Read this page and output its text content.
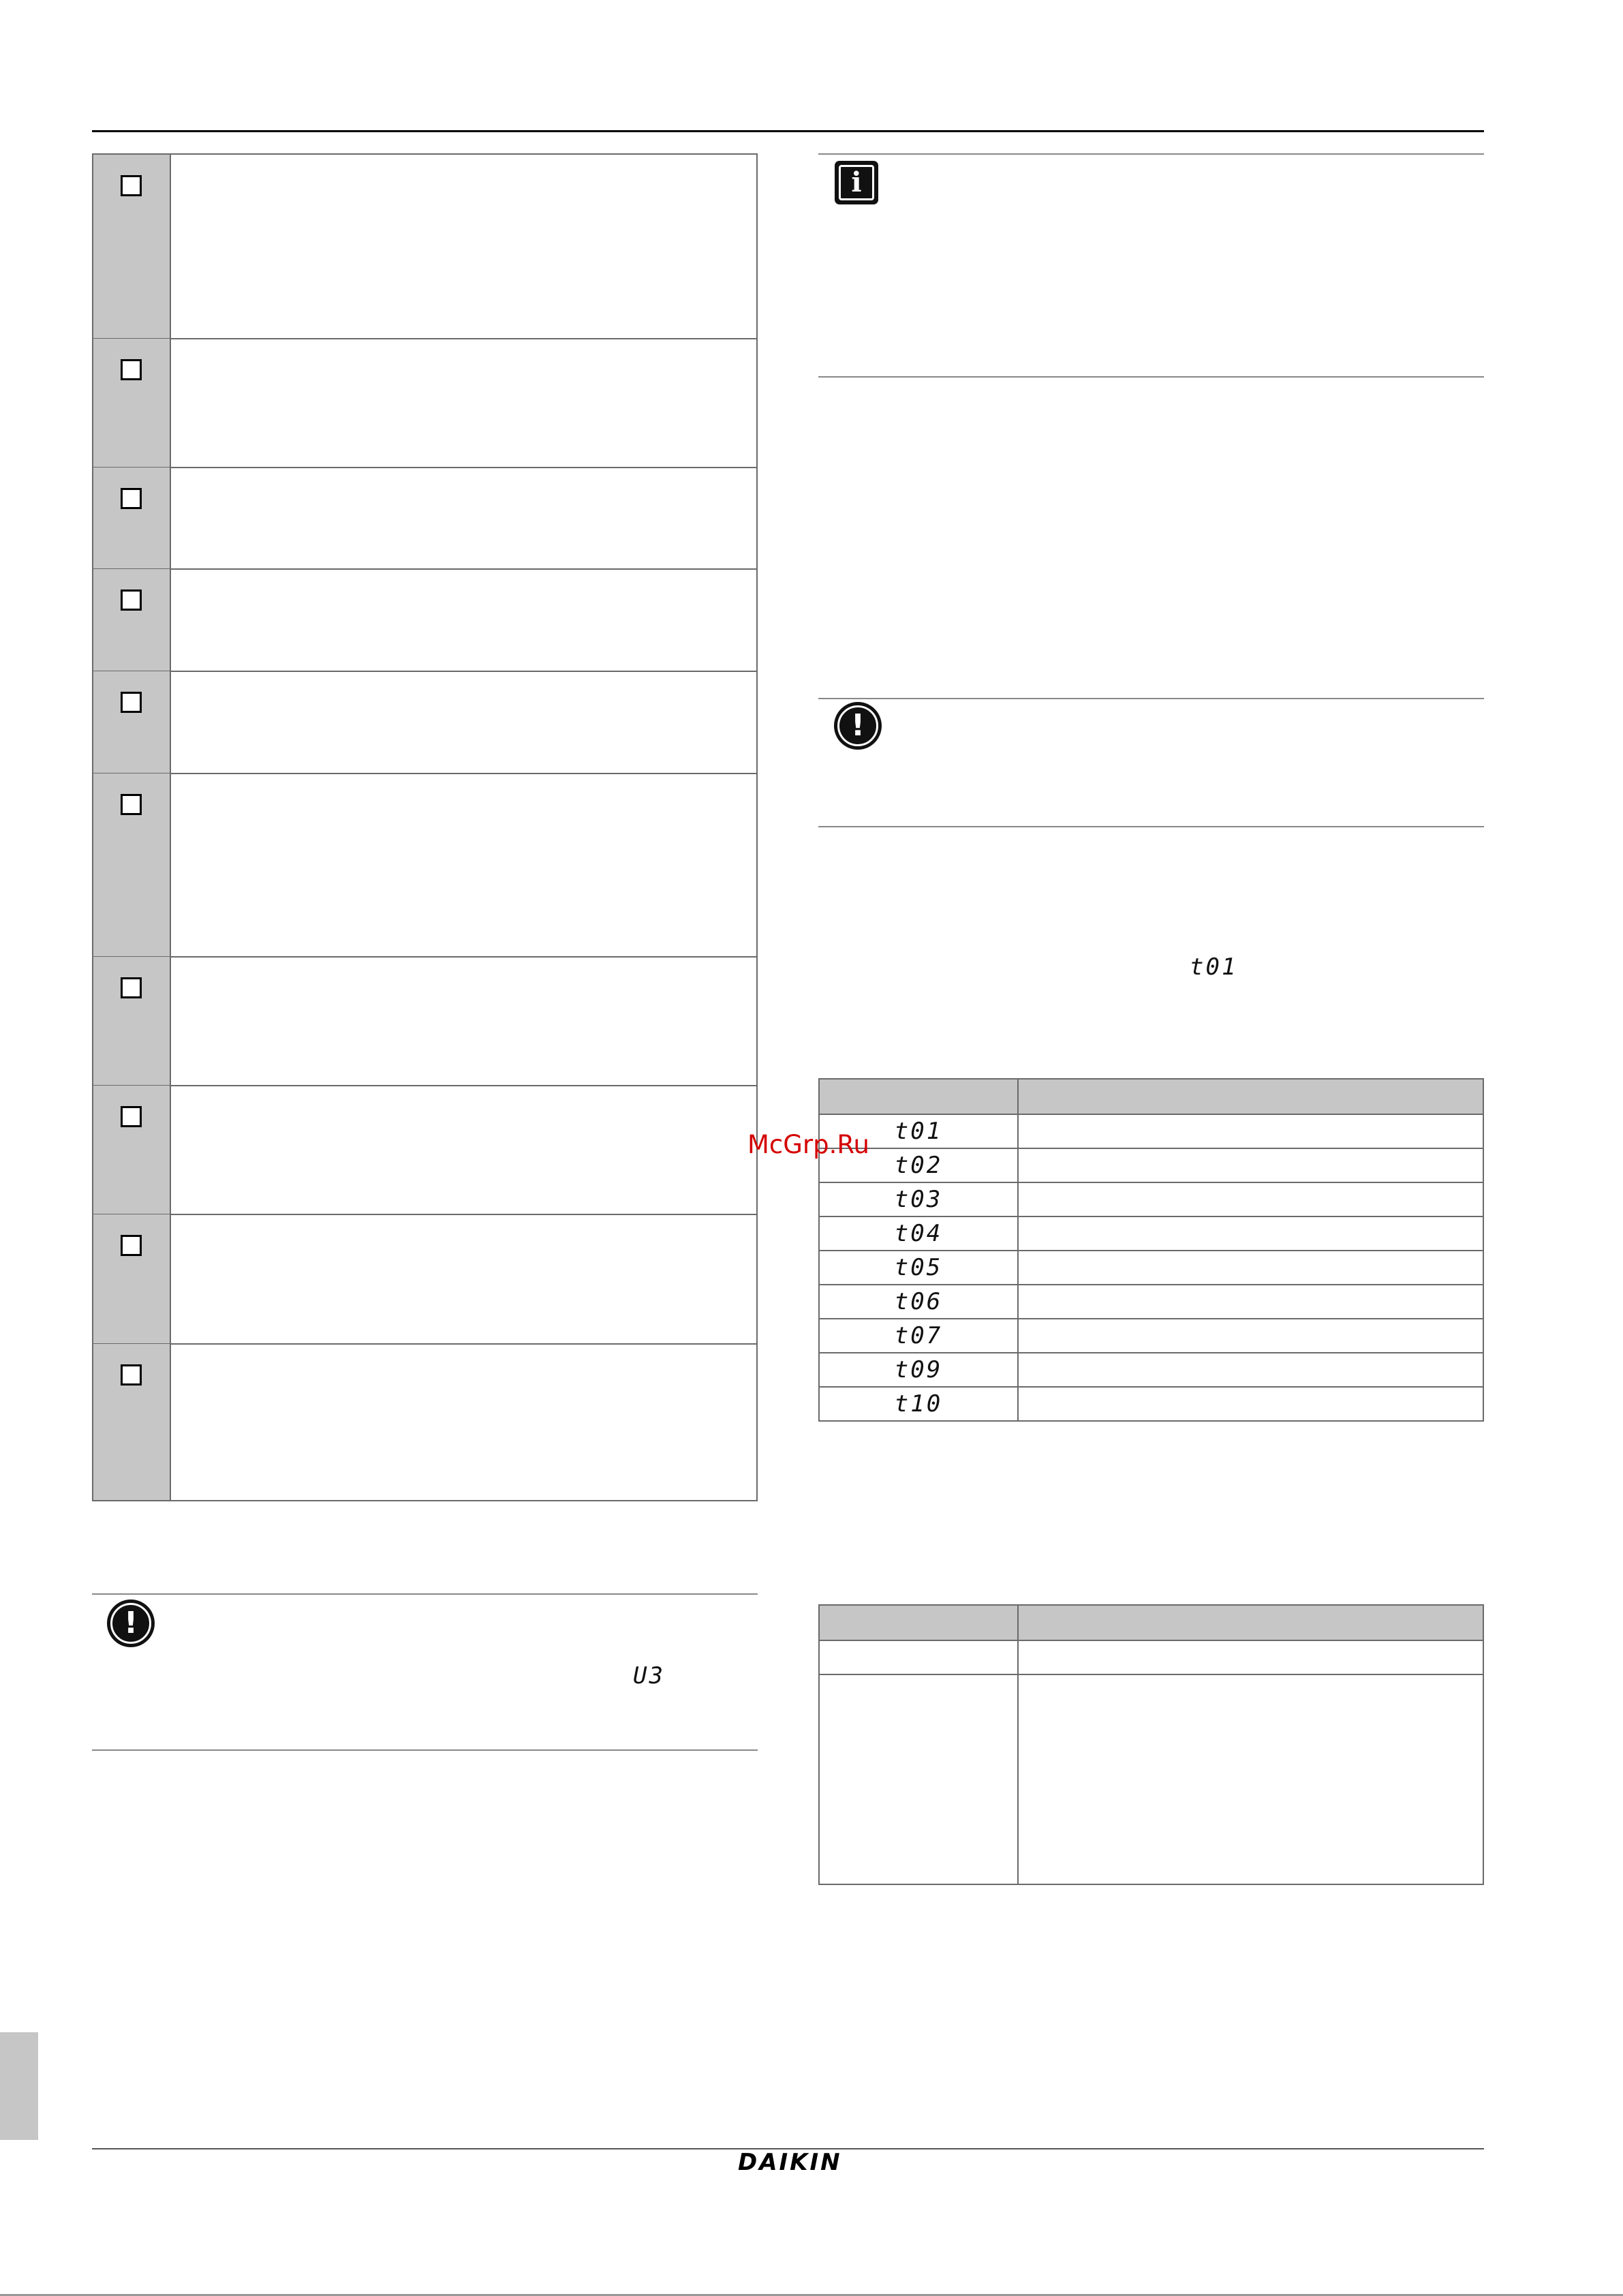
!
U3
i
!
t01

t01	
t02	
t03	
t04	
t05	
t06	
t07	
t09	
t10	

McGrp.Ru
DAIKIN
